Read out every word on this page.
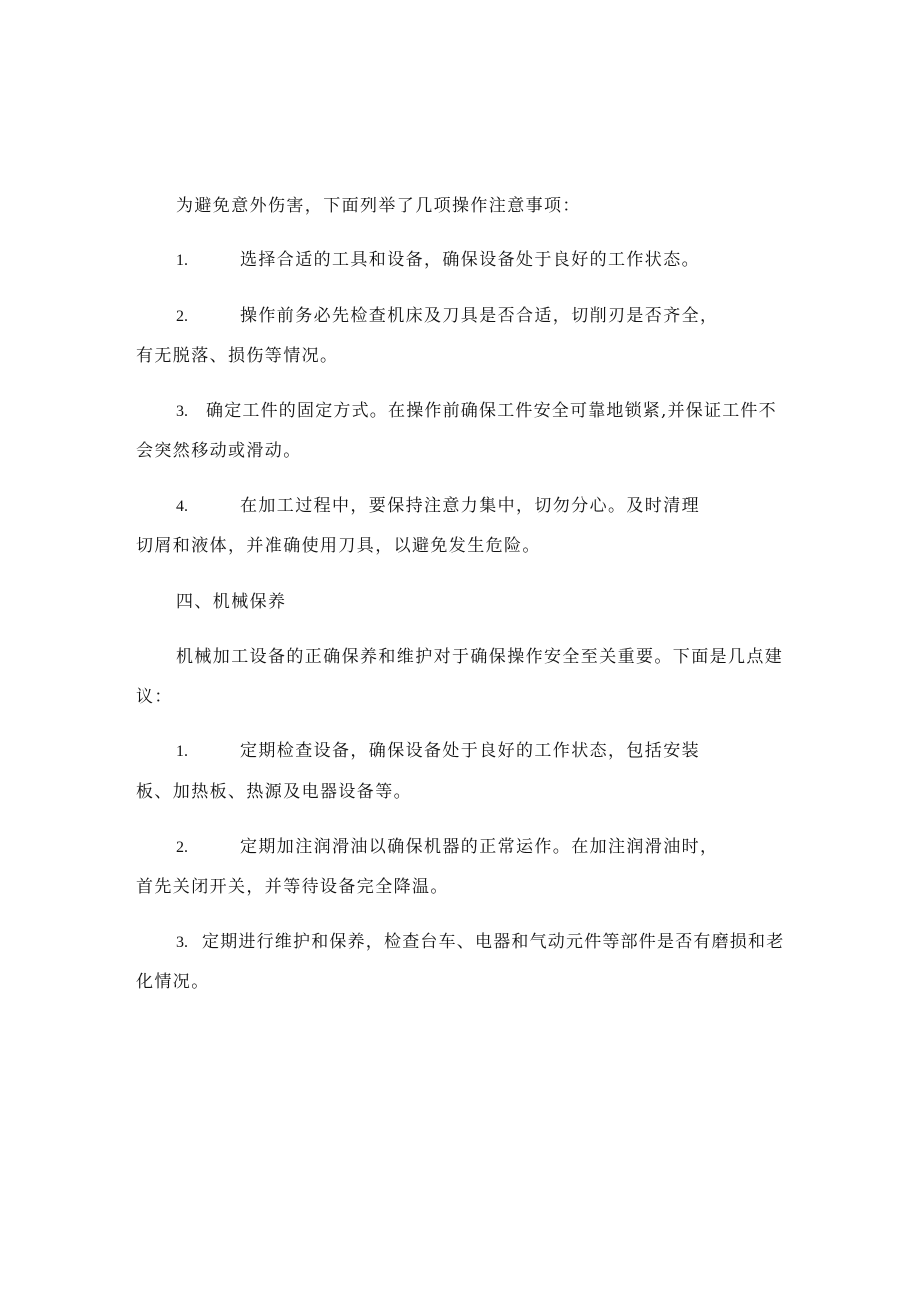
为避免意外伤害，下面列举了几项操作注意事项：
1.	选择合适的工具和设备，确保设备处于良好的工作状态。
2.	操作前务必先检查机床及刀具是否合适，切削刃是否齐全，
有无脱落、损伤等情况。
3. 确定工件的固定方式。在操作前确保工件安全可靠地锁紧,并保证工件不
会突然移动或滑动。
4.	在加工过程中，要保持注意力集中，切勿分心。及时清理
切屑和液体，并准确使用刀具，以避免发生危险。
四、机械保养
机械加工设备的正确保养和维护对于确保操作安全至关重要。下面是几点建
议：
1.	定期检查设备，确保设备处于良好的工作状态，包括安装
板、加热板、热源及电器设备等。
2.	定期加注润滑油以确保机器的正常运作。在加注润滑油时，
首先关闭开关，并等待设备完全降温。
3. 定期进行维护和保养，检查台车、电器和气动元件等部件是否有磨损和老
化情况。
